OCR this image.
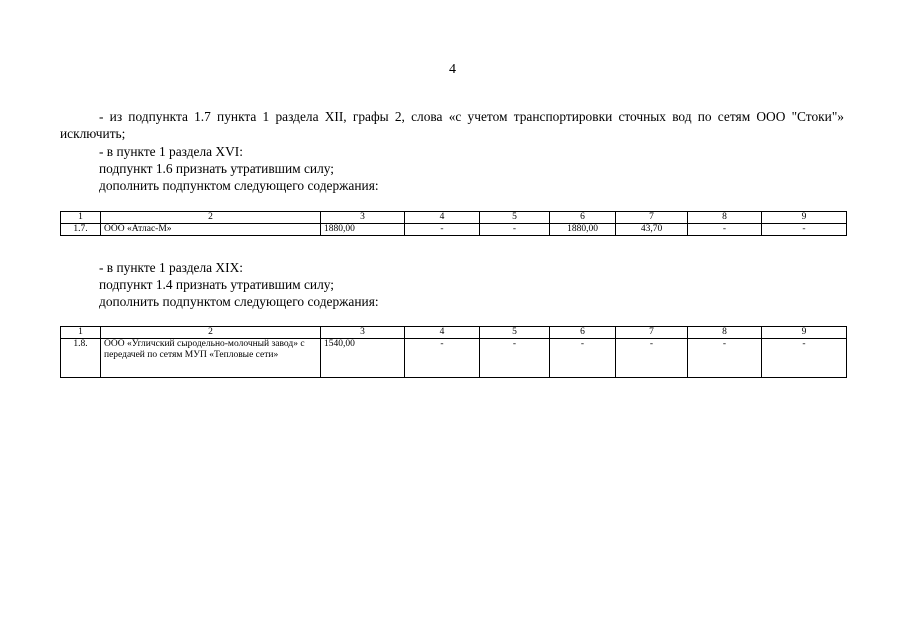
4
- из подпункта 1.7 пункта 1 раздела XII, графы 2, слова «с учетом транспортировки сточных вод по сетям ООО "Стоки"» исключить;
- в пункте 1 раздела XVI:
подпункт 1.6 признать утратившим силу;
дополнить подпунктом следующего содержания:
1	2	3	4	5	6	7	8	9
1.7.	ООО «Атлас-М»	1880,00	-	-	1880,00	43,70	-	-
- в пункте 1 раздела XIX:
подпункт 1.4 признать утратившим силу;
дополнить подпунктом следующего содержания:
1	2	3	4	5	6	7	8	9
1.8.	ООО «Угличский сыродельно-молочный завод» с передачей по сетям МУП «Тепловые сети»	1540,00	-	-	-	-	-	-
